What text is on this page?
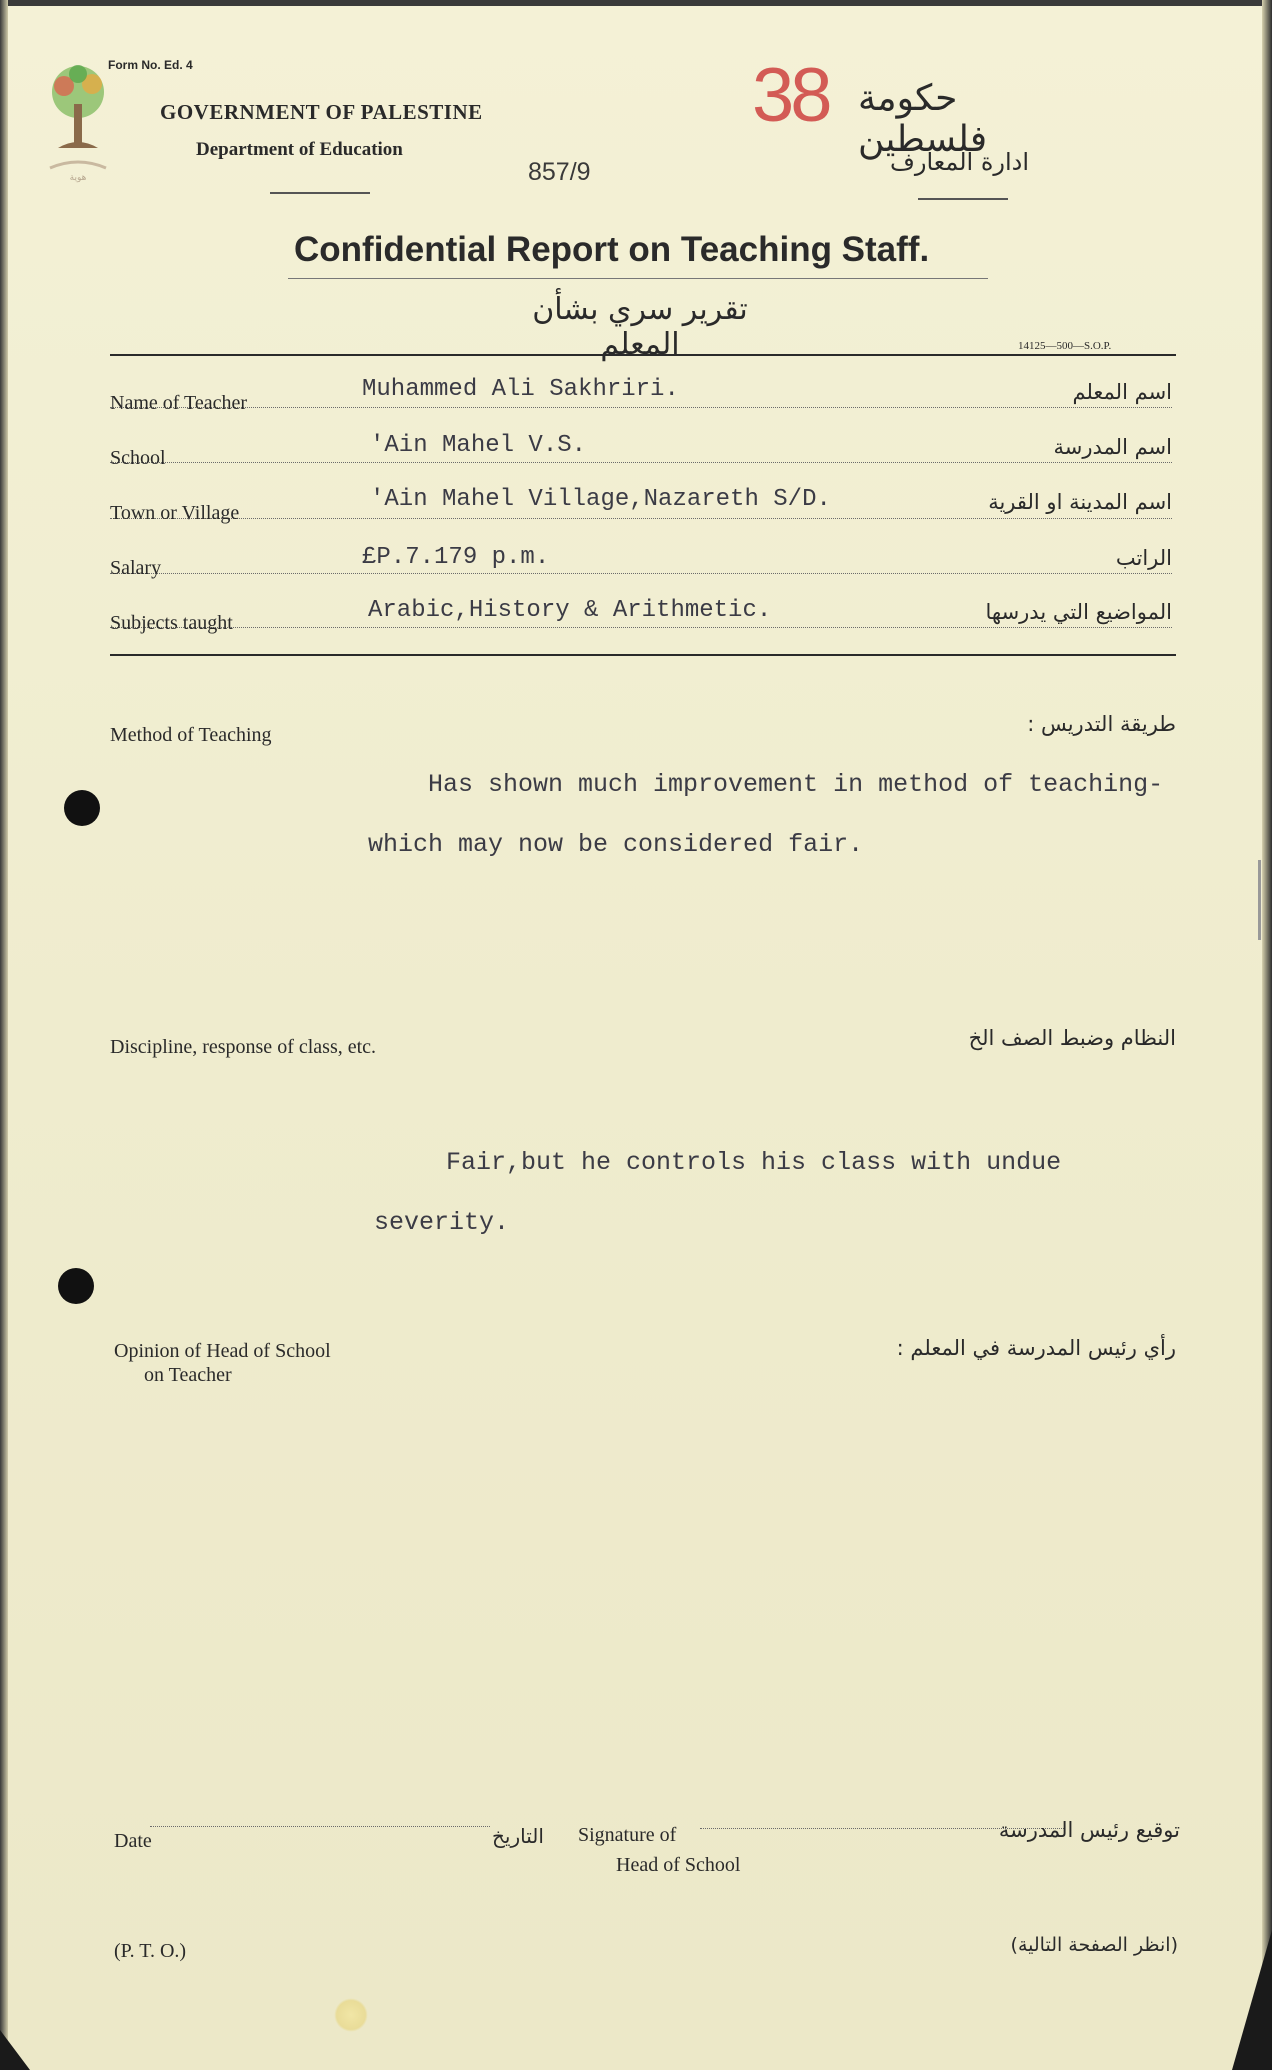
هوية
Form No. Ed. 4
GOVERNMENT OF PALESTINE
Department of Education
857/9
38 حكومة فلسطين
ادارة المعارف
Confidential Report on Teaching Staff.
تقرير سري بشأن المعلم	14125—500—S.O.P.
Name of Teacher	Muhammed Ali Sakhriri.	اسم المعلم
School	'Ain Mahel V.S.	اسم المدرسة
Town or Village	'Ain Mahel Village,Nazareth S/D.	اسم المدينة او القرية
Salary	£P.7.179 p.m.	الراتب
Subjects taught	Arabic,History & Arithmetic.	المواضيع التي يدرسها
Method of Teaching	طريقة التدريس :
Has shown much improvement in method of teaching-
which may now be considered fair.
Discipline, response of class, etc.	النظام وضبط الصف الخ
Fair,but he controls his class with undue
severity.
Opinion of Head of School
on Teacher
رأي رئيس المدرسة في المعلم :
Date	التاريخ Signature of	توقيع رئيس المدرسة
Head of School
(P. T. O.)	(انظر الصفحة التالية)
